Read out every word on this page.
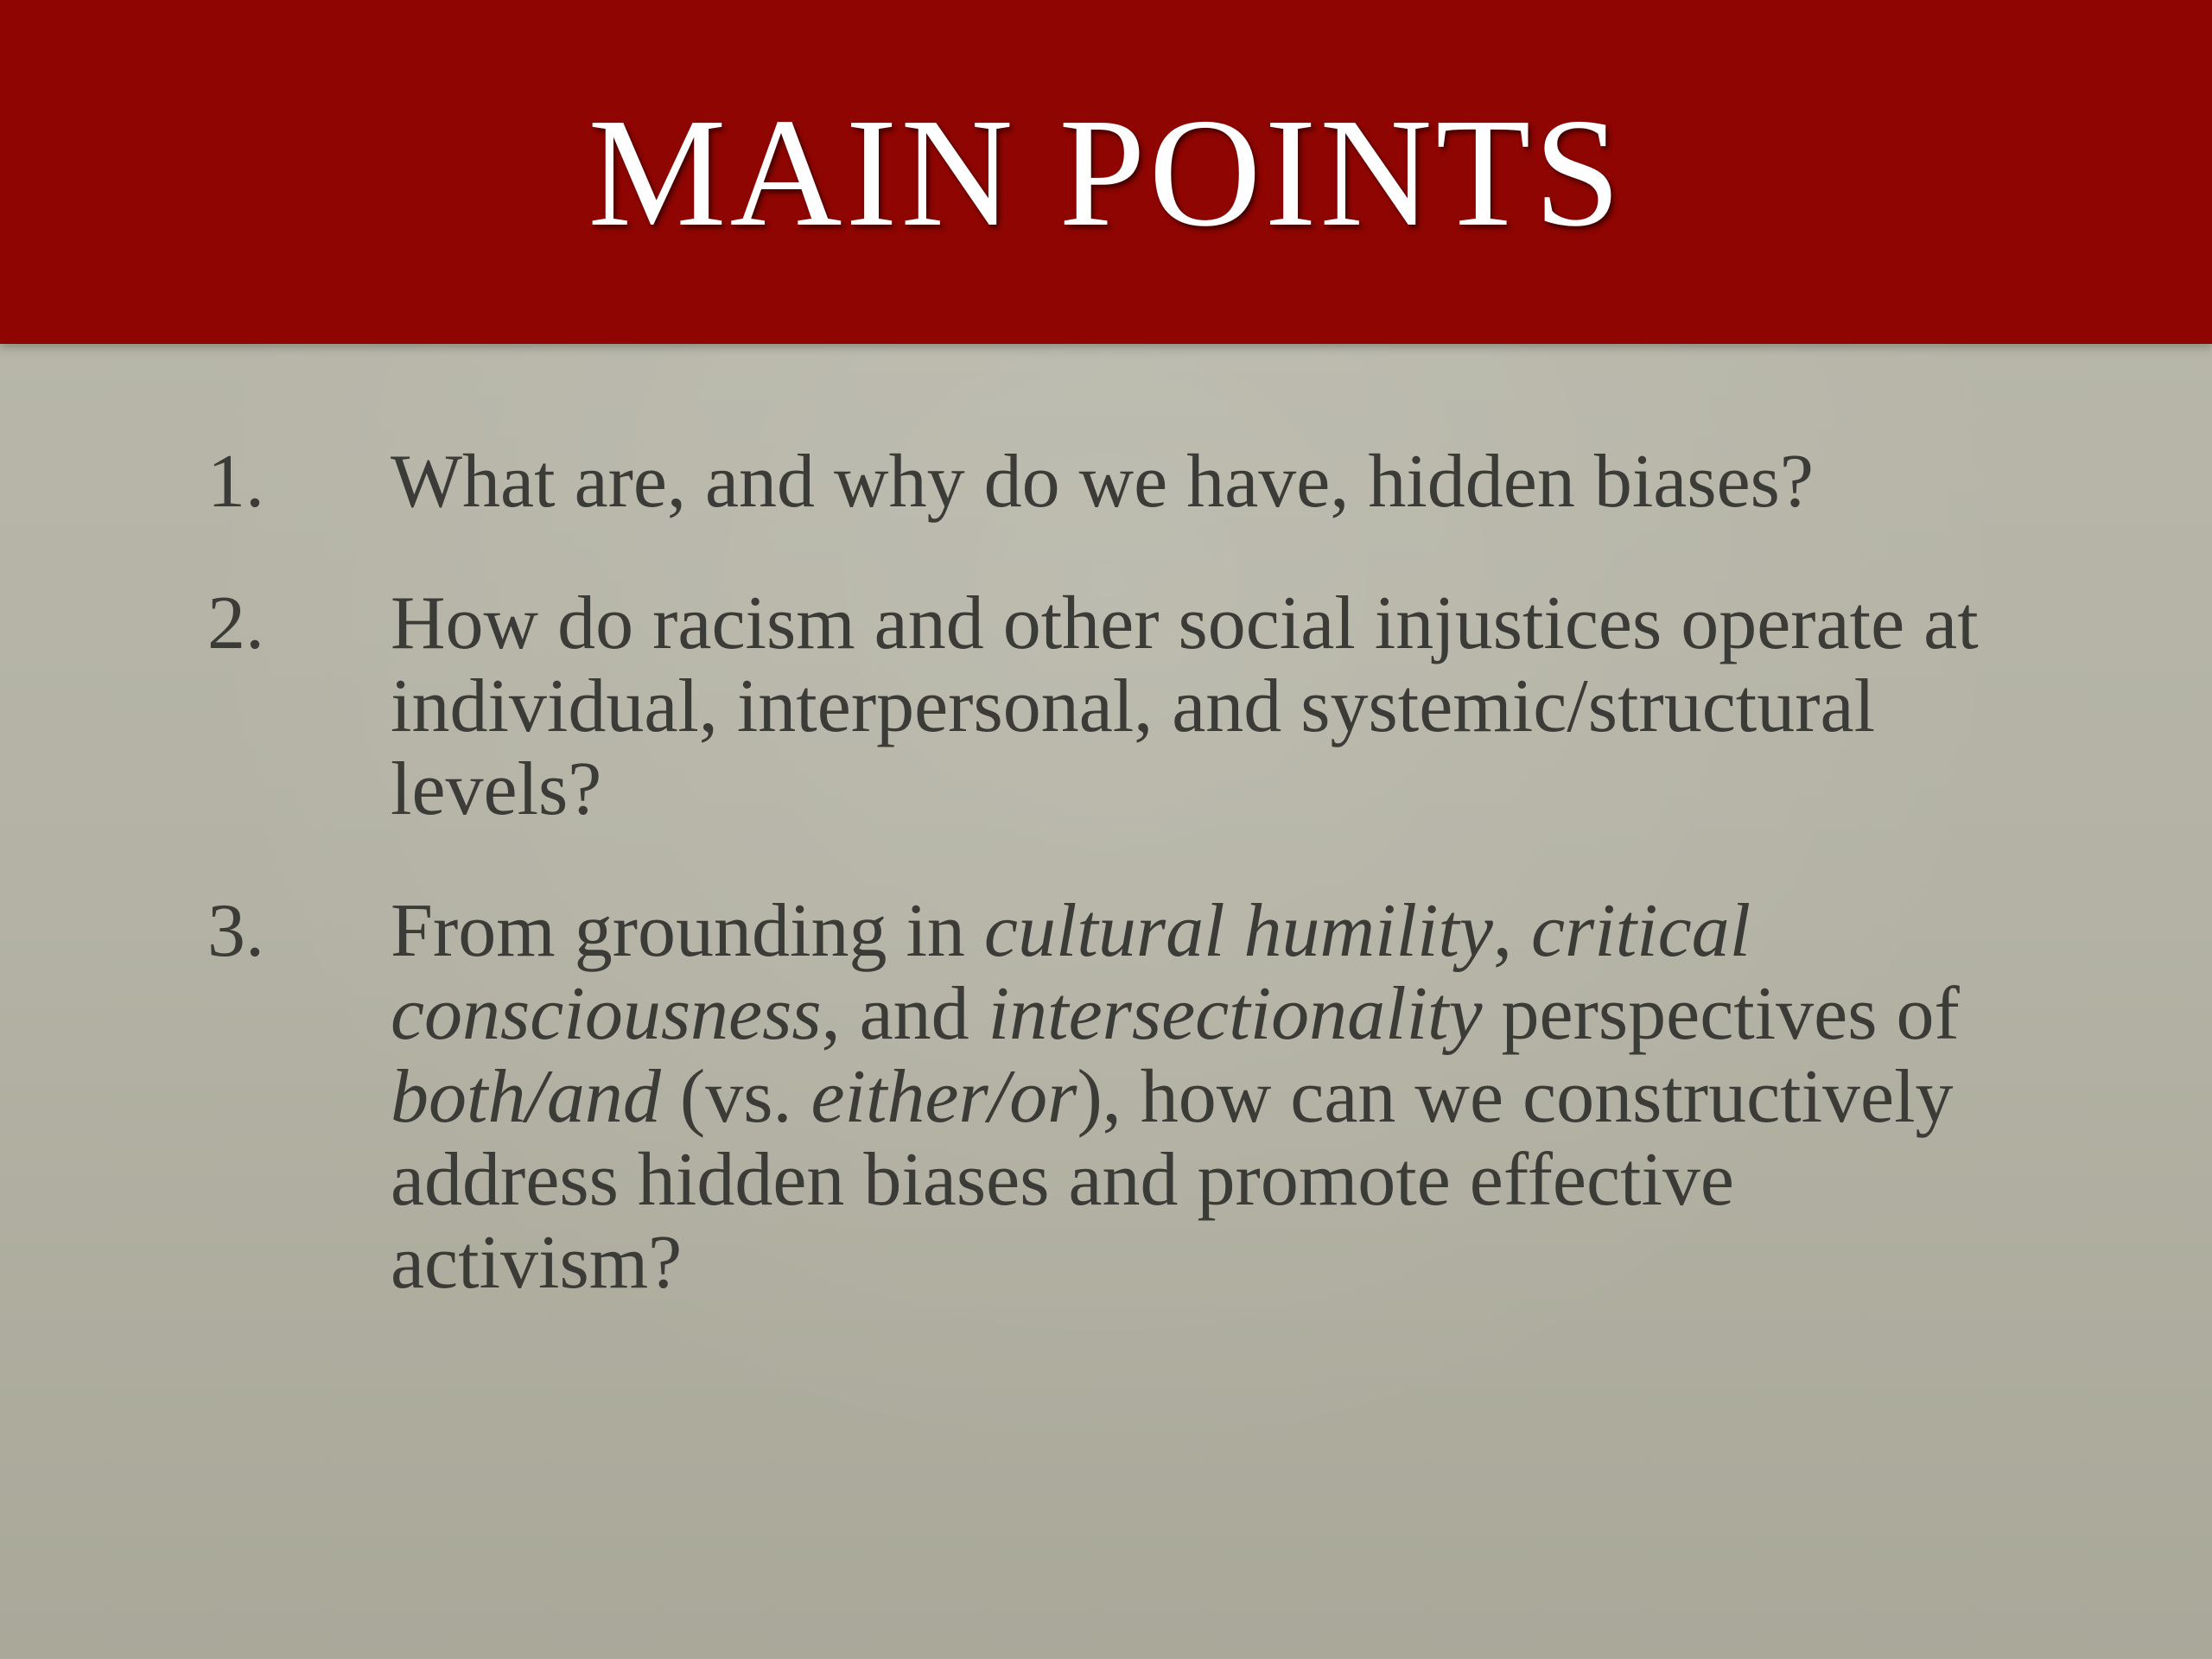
MAIN POINTS
1. What are, and why do we have, hidden biases?
2. How do racism and other social injustices operate at individual, interpersonal, and systemic/structural levels?
3. From grounding in cultural humility, critical consciousness, and intersectionality perspectives of both/and (vs. either/or), how can we constructively address hidden biases and promote effective activism?
